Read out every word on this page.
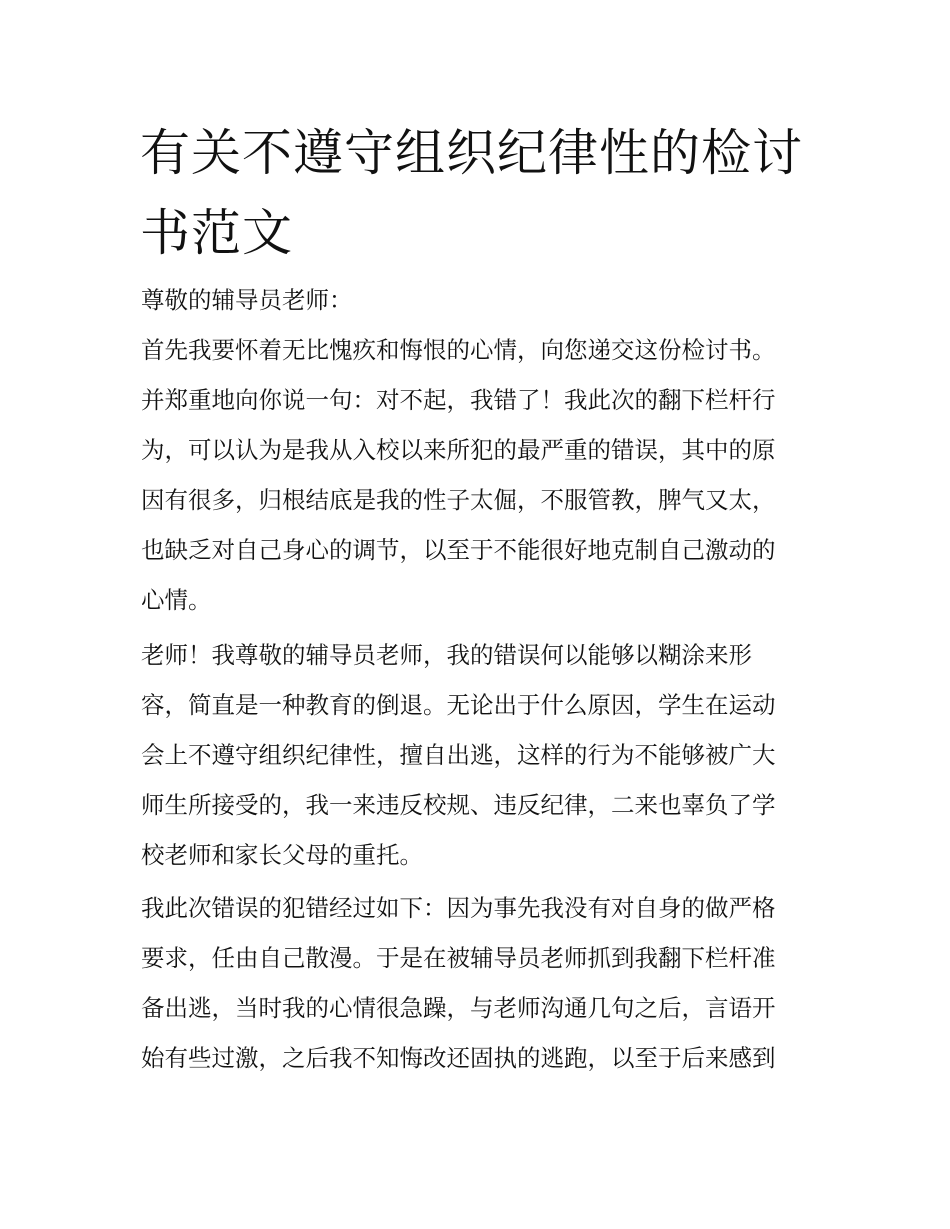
有关不遵守组织纪律性的检讨书范文

尊敬的辅导员老师：

首先我要怀着无比愧疚和悔恨的心情，向您递交这份检讨书。

并郑重地向你说一句：对不起，我错了！我此次的翻下栏杆行

为，可以认为是我从入校以来所犯的最严重的错误，其中的原

因有很多，归根结底是我的性子太倔，不服管教，脾气又太，

也缺乏对自己身心的调节，以至于不能很好地克制自己激动的

心情。

老师！我尊敬的辅导员老师，我的错误何以能够以糊涂来形

容，简直是一种教育的倒退。无论出于什么原因，学生在运动

会上不遵守组织纪律性，擅自出逃，这样的行为不能够被广大

师生所接受的，我一来违反校规、违反纪律，二来也辜负了学

校老师和家长父母的重托。

我此次错误的犯错经过如下：因为事先我没有对自身的做严格

要求，任由自己散漫。于是在被辅导员老师抓到我翻下栏杆准

备出逃，当时我的心情很急躁，与老师沟通几句之后，言语开

始有些过激，之后我不知悔改还固执的逃跑，以至于后来感到
